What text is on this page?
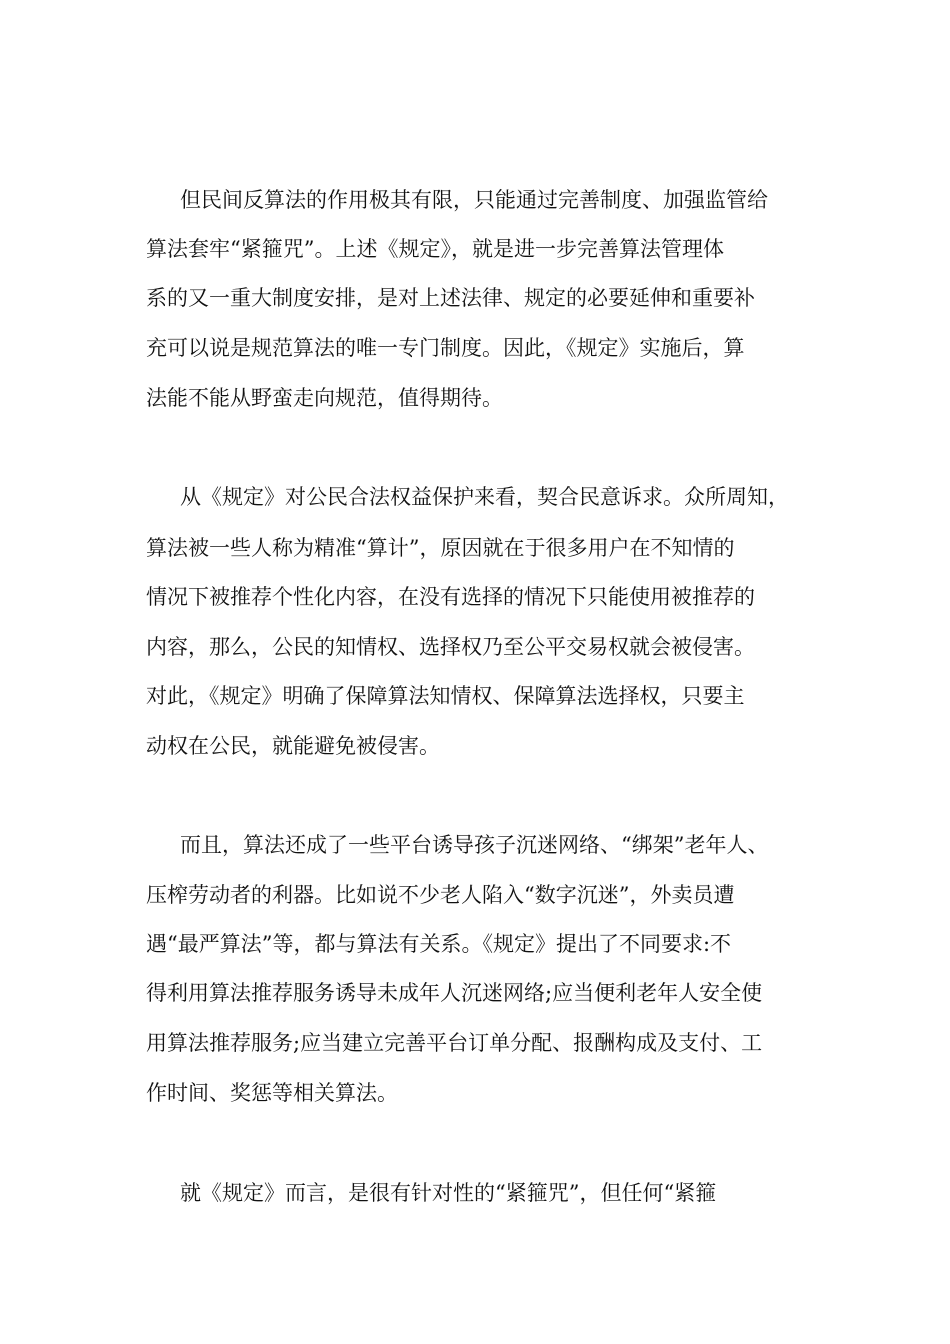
但民间反算法的作用极其有限，只能通过完善制度、加强监管给
算法套牢“紧箍咒”。上述《规定》，就是进一步完善算法管理体
系的又一重大制度安排，是对上述法律、规定的必要延伸和重要补
充可以说是规范算法的唯一专门制度。因此，《规定》实施后，算
法能不能从野蛮走向规范，值得期待。
从《规定》对公民合法权益保护来看，契合民意诉求。众所周知，
算法被一些人称为精准“算计”，原因就在于很多用户在不知情的
情况下被推荐个性化内容，在没有选择的情况下只能使用被推荐的
内容，那么，公民的知情权、选择权乃至公平交易权就会被侵害。
对此，《规定》明确了保障算法知情权、保障算法选择权，只要主
动权在公民，就能避免被侵害。
而且，算法还成了一些平台诱导孩子沉迷网络、“绑架”老年人、
压榨劳动者的利器。比如说不少老人陷入“数字沉迷”，外卖员遭
遇“最严算法”等，都与算法有关系。《规定》提出了不同要求:不
得利用算法推荐服务诱导未成年人沉迷网络;应当便利老年人安全使
用算法推荐服务;应当建立完善平台订单分配、报酬构成及支付、工
作时间、奖惩等相关算法。
就《规定》而言，是很有针对性的“紧箍咒”，但任何“紧箍
